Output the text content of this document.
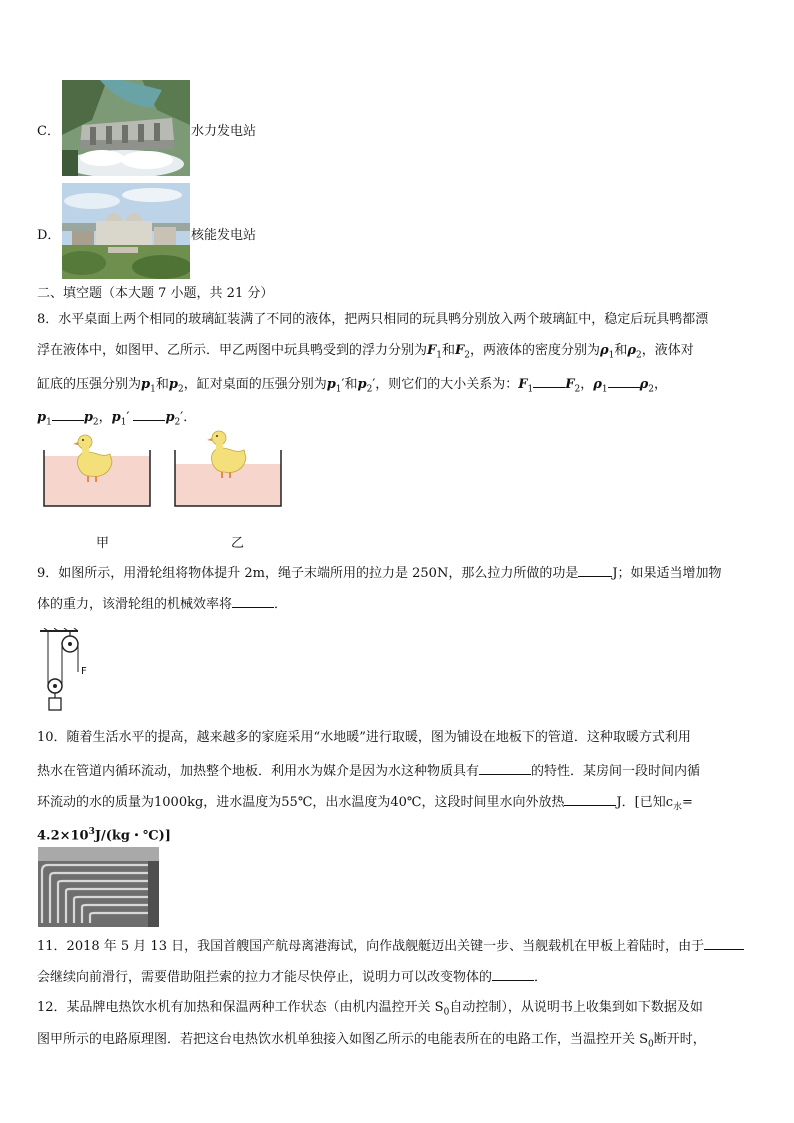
C．	水力发电站
D．	核能发电站
二、填空题（本大题 7 小题，共 21 分）
8．水平桌面上两个相同的玻璃缸装满了不同的液体，把两只相同的玩具鸭分别放入两个玻璃缸中，稳定后玩具鸭都漂
浮在液体中，如图甲、乙所示．甲乙两图中玩具鸭受到的浮力分别为$F_1$和$F_2$，两液体的密度分别为$\rho_1$和$\rho_2$，液体对
缸底的压强分别为$p_1$和$p_2$，缸对桌面的压强分别为$p_1'$和$p_2'$，则它们的大小关系为：$F_1$ $F_2$，$\rho_1$ $\rho_2$，
$p_1$ $p_2$，$p_1'$	$p_2'$．
甲	乙
9．如图所示，用滑轮组将物体提升 2m，绳子末端所用的拉力是 250N，那么拉力所做的功是	J；如果适当增加物
体的重力，该滑轮组的机械效率将	．
F
10．随着生活水平的提高，越来越多的家庭采用“水地暖”进行取暖，图为铺设在地板下的管道．这种取暖方式利用
热水在管道内循环流动，加热整个地板．利用水为媒介是因为水这种物质具有	的特性．某房间一段时间内循
环流动的水的质量为1000kg，进水温度为55℃，出水温度为40℃，这段时间里水向外放热	J．[已知$c_水=$
$4.2\times 10^3J/(kg$・℃)]
11．2018 年 5 月 13 日，我国首艘国产航母离港海试，向作战舰艇迈出关键一步、当舰载机在甲板上着陆时，由于
会继续向前滑行，需要借助阻拦索的拉力才能尽快停止，说明力可以改变物体的	．
12．某品牌电热饮水机有加热和保温两种工作状态（由机内温控开关 $S_0$自动控制），从说明书上收集到如下数据及如
图甲所示的电路原理图．若把这台电热饮水机单独接入如图乙所示的电能表所在的电路工作，当温控开关 $S_0$断开时，
